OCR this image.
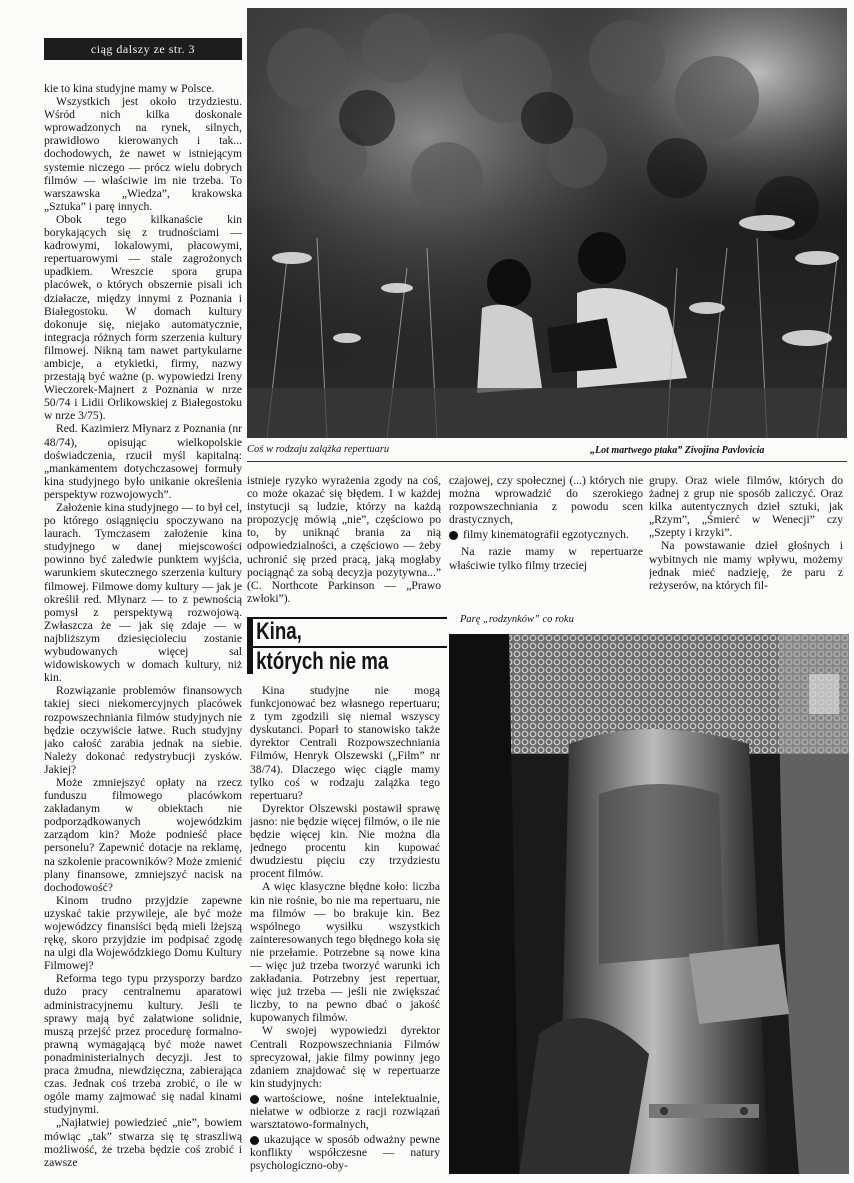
ciąg dalszy ze str. 3

kie to kina studyjne mamy w Polsce.

Wszystkich jest około trzydziestu. Wśród nich kilka doskonale wprowadzonych na rynek, silnych, prawidłowo kierowanych i tak... dochodowych, że nawet w istniejącym systemie niczego — prócz wielu dobrych filmów — właściwie im nie trzeba. To warszawska „Wiedza”, krakowska „Sztuka” i parę innych.

Obok tego kilkanaście kin borykających się z trudnościami — kadrowymi, lokalowymi, płacowymi, repertuarowymi — stale zagrożonych upadkiem. Wreszcie spora grupa placówek, o których obszernie pisali ich działacze, między innymi z Poznania i Białegostoku. W domach kultury dokonuje się, niejako automatycznie, integracja różnych form szerzenia kultury filmowej. Nikną tam nawet partykularne ambicje, a etykietki, firmy, nazwy przestają być ważne (p. wypowiedzi Ireny Wieczorek-Majnert z Poznania w nrze 50/74 i Lidii Orlikowskiej z Białegostoku w nrze 3/75).

Red. Kazimierz Młynarz z Poznania (nr 48/74), opisując wielkopolskie doświadczenia, rzucił myśl kapitalną: „mankamentem dotychczasowej formuły kina studyjnego było unikanie określenia perspektyw rozwojowych”.

Założenie kina studyjnego — to był cel, po którego osiągnięciu spoczywano na laurach. Tymczasem założenie kina studyjnego w danej miejscowości powinno być zaledwie punktem wyjścia, warunkiem skutecznego szerzenia kultury filmowej. Filmowe domy kultury — jak je określił red. Młynarz — to z pewnością pomysł z perspektywą rozwojową. Zwłaszcza że — jak się zdaje — w najbliższym dziesięcioleciu zostanie wybudowanych więcej sal widowiskowych w domach kultury, niż kin.

Rozwiązanie problemów finansowych takiej sieci niekomercyjnych placówek rozpowszechniania filmów studyjnych nie będzie oczywiście łatwe. Ruch studyjny jako całość zarabia jednak na siebie. Należy dokonać redystrybucji zysków. Jakiej?

Może zmniejszyć opłaty na rzecz funduszu filmowego placówkom zakładanym w obiektach nie podporządkowanych wojewódzkim zarządom kin? Może podnieść płace personelu? Zapewnić dotacje na reklamę, na szkolenie pracowników? Może zmienić plany finansowe, zmniejszyć nacisk na dochodowość?

Kinom trudno przyjdzie zapewne uzyskać takie przywileje, ale być może wojewódzcy finansiści będą mieli lżejszą rękę, skoro przyjdzie im podpisać zgodę na ulgi dla Wojewódzkiego Domu Kultury Filmowej?

Reforma tego typu przysporzy bardzo dużo pracy centralnemu aparatowi administracyjnemu kultury. Jeśli te sprawy mają być załatwione solidnie, muszą przejść przez procedurę formalno-prawną wymagającą być może nawet ponadministerialnych decyzji. Jest to praca żmudna, niewdzięczna, zabierająca czas. Jednak coś trzeba zrobić, o ile w ogóle mamy zajmować się nadal kinami studyjnymi.

„Najłatwiej powiedzieć „nie”, bowiem mówiąc „tak” stwarza się tę straszliwą możliwość, że trzeba będzie coś zrobić i zawsze

Coś w rodzaju zalążka repertuaru	„Lot martwego ptaka” Zivojina Pavlovicia

istnieje ryzyko wyrażenia zgody na coś, co może okazać się błędem. I w każdej instytucji są ludzie, którzy na każdą propozycję mówią „nie”, częściowo po to, by uniknąć brania za nią odpowiedzialności, a częściowo — żeby uchronić się przed pracą, jaką mogłaby pociągnąć za sobą decyzja pozytywna...” (C. Northcote Parkinson — „Prawo zwłoki”).

czajowej, czy społecznej (...) których nie można wprowadzić do szerokiego rozpowszechniania z powodu scen drastycznych,

filmy kinematografii egzotycznych.

Na razie mamy w repertuarze właściwie tylko filmy trzeciej

grupy. Oraz wiele filmów, których do żadnej z grup nie sposób zaliczyć. Oraz kilka autentycznych dzieł sztuki, jak „Rzym”, „Śmierć w Wenecji” czy „Szepty i krzyki”.

Na powstawanie dzieł głośnych i wybitnych nie mamy wpływu, możemy jednak mieć nadzieję, że paru z reżyserów, na których fil-

Kina,
których nie ma

Kina studyjne nie mogą funkcjonować bez własnego repertuaru; z tym zgodzili się niemal wszyscy dyskutanci. Poparł to stanowisko także dyrektor Centrali Rozpowszechniania Filmów, Henryk Olszewski („Film” nr 38/74). Dlaczego więc ciągle mamy tylko coś w rodzaju zalążka tego repertuaru?

Dyrektor Olszewski postawił sprawę jasno: nie będzie więcej filmów, o ile nie będzie więcej kin. Nie można dla jednego procentu kin kupować dwudziestu pięciu czy trzydziestu procent filmów.

A więc klasyczne błędne koło: liczba kin nie rośnie, bo nie ma repertuaru, nie ma filmów — bo brakuje kin. Bez wspólnego wysiłku wszystkich zainteresowanych tego błędnego koła się nie przełamie. Potrzebne są nowe kina — więc już trzeba tworzyć warunki ich zakładania. Potrzebny jest repertuar, więc już trzeba — jeśli nie zwiększać liczby, to na pewno dbać o jakość kupowanych filmów.

W swojej wypowiedzi dyrektor Centrali Rozpowszechniania Filmów sprecyzował, jakie filmy powinny jego zdaniem znajdować się w repertuarze kin studyjnych:

wartościowe, nośne intelektualnie, niełatwe w odbiorze z racji rozwiązań warsztatowo-formalnych,

ukazujące w sposób odważny pewne konflikty współczesne — natury psychologiczno-oby-

Parę „rodzynków” co roku
